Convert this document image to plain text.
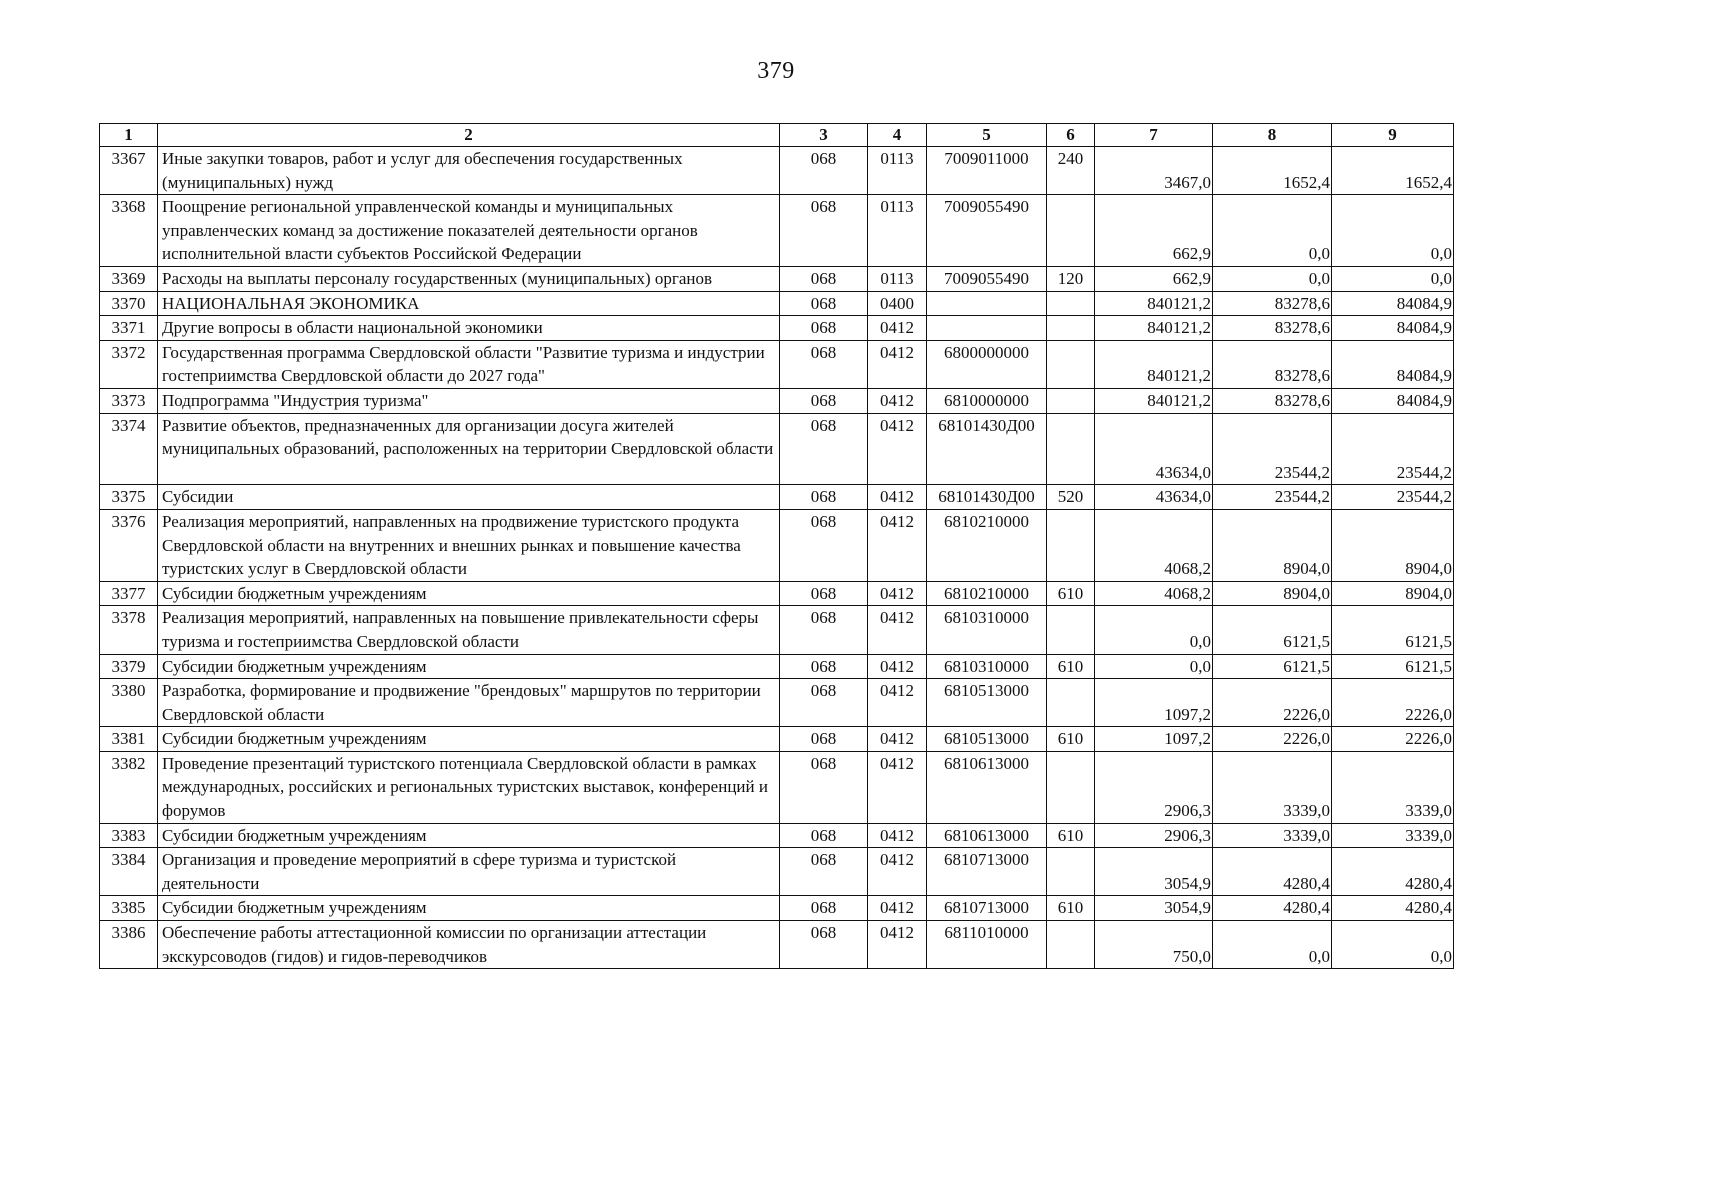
379
1	2	3	4	5	6	7	8	9
3367	Иные закупки товаров, работ и услуг для обеспечения государственных (муниципальных) нужд	068	0113	7009011000	240	3467,0	1652,4	1652,4
3368	Поощрение региональной управленческой команды и муниципальных управленческих команд за достижение показателей деятельности органов исполнительной власти субъектов Российской Федерации	068	0113	7009055490		662,9	0,0	0,0
3369	Расходы на выплаты персоналу государственных (муниципальных) органов	068	0113	7009055490	120	662,9	0,0	0,0
3370	НАЦИОНАЛЬНАЯ ЭКОНОМИКА	068	0400			840121,2	83278,6	84084,9
3371	Другие вопросы в области национальной экономики	068	0412			840121,2	83278,6	84084,9
3372	Государственная программа Свердловской области "Развитие туризма и индустрии гостеприимства Свердловской области до 2027 года"	068	0412	6800000000		840121,2	83278,6	84084,9
3373	Подпрограмма "Индустрия туризма"	068	0412	6810000000		840121,2	83278,6	84084,9
3374	Развитие объектов, предназначенных для организации досуга жителей муниципальных образований, расположенных на территории Свердловской области	068	0412	68101430Д00		43634,0	23544,2	23544,2
3375	Субсидии	068	0412	68101430Д00	520	43634,0	23544,2	23544,2
3376	Реализация мероприятий, направленных на продвижение туристского продукта Свердловской области на внутренних и внешних рынках и повышение качества туристских услуг в Свердловской области	068	0412	6810210000		4068,2	8904,0	8904,0
3377	Субсидии бюджетным учреждениям	068	0412	6810210000	610	4068,2	8904,0	8904,0
3378	Реализация мероприятий, направленных на повышение привлекательности сферы туризма и гостеприимства Свердловской области	068	0412	6810310000		0,0	6121,5	6121,5
3379	Субсидии бюджетным учреждениям	068	0412	6810310000	610	0,0	6121,5	6121,5
3380	Разработка, формирование и продвижение "брендовых" маршрутов по территории Свердловской области	068	0412	6810513000		1097,2	2226,0	2226,0
3381	Субсидии бюджетным учреждениям	068	0412	6810513000	610	1097,2	2226,0	2226,0
3382	Проведение презентаций туристского потенциала Свердловской области в рамках международных, российских и региональных туристских выставок, конференций и форумов	068	0412	6810613000		2906,3	3339,0	3339,0
3383	Субсидии бюджетным учреждениям	068	0412	6810613000	610	2906,3	3339,0	3339,0
3384	Организация и проведение мероприятий в сфере туризма и туристской деятельности	068	0412	6810713000		3054,9	4280,4	4280,4
3385	Субсидии бюджетным учреждениям	068	0412	6810713000	610	3054,9	4280,4	4280,4
3386	Обеспечение работы аттестационной комиссии по организации аттестации экскурсоводов (гидов) и гидов-переводчиков	068	0412	6811010000		750,0	0,0	0,0
